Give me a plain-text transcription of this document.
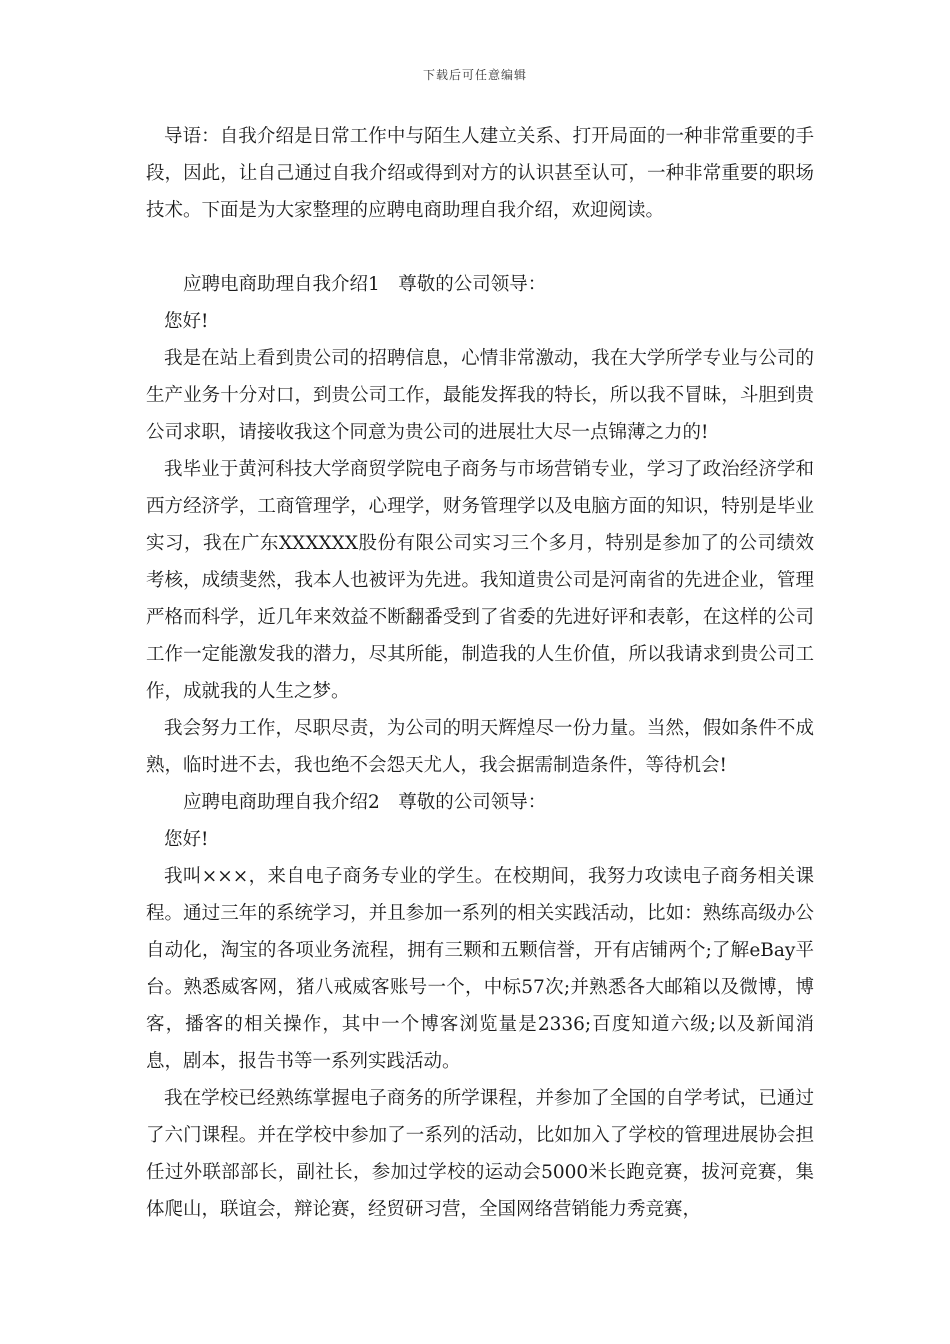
下载后可任意编辑

导语：自我介绍是日常工作中与陌生人建立关系、打开局面的一种非常重要的手段，因此，让自己通过自我介绍或得到对方的认识甚至认可，一种非常重要的职场技术。下面是为大家整理的应聘电商助理自我介绍，欢迎阅读。

应聘电商助理自我介绍1　尊敬的公司领导：

您好!

我是在站上看到贵公司的招聘信息，心情非常激动，我在大学所学专业与公司的生产业务十分对口，到贵公司工作，最能发挥我的特长，所以我不冒昧，斗胆到贵公司求职，请接收我这个同意为贵公司的进展壮大尽一点锦薄之力的!

我毕业于黄河科技大学商贸学院电子商务与市场营销专业，学习了政治经济学和西方经济学，工商管理学，心理学，财务管理学以及电脑方面的知识，特别是毕业实习，我在广东XXXXXX股份有限公司实习三个多月，特别是参加了的公司绩效考核，成绩斐然，我本人也被评为先进。我知道贵公司是河南省的先进企业，管理严格而科学，近几年来效益不断翻番受到了省委的先进好评和表彰，在这样的公司工作一定能激发我的潜力，尽其所能，制造我的人生价值，所以我请求到贵公司工作，成就我的人生之梦。

我会努力工作，尽职尽责，为公司的明天辉煌尽一份力量。当然，假如条件不成熟，临时进不去，我也绝不会怨天尤人，我会据需制造条件，等待机会!

应聘电商助理自我介绍2　尊敬的公司领导：

您好!

我叫×××，来自电子商务专业的学生。在校期间，我努力攻读电子商务相关课程。通过三年的系统学习，并且参加一系列的相关实践活动，比如：熟练高级办公自动化，淘宝的各项业务流程，拥有三颗和五颗信誉，开有店铺两个;了解eBay平台。熟悉威客网，猪八戒威客账号一个，中标57次;并熟悉各大邮箱以及微博，博客，播客的相关操作，其中一个博客浏览量是2336;百度知道六级;以及新闻消息，剧本，报告书等一系列实践活动。

我在学校已经熟练掌握电子商务的所学课程，并参加了全国的自学考试，已通过了六门课程。并在学校中参加了一系列的活动，比如加入了学校的管理进展协会担任过外联部部长，副社长，参加过学校的运动会5000米长跑竞赛，拔河竞赛，集体爬山，联谊会，辩论赛，经贸研习营，全国网络营销能力秀竞赛，
